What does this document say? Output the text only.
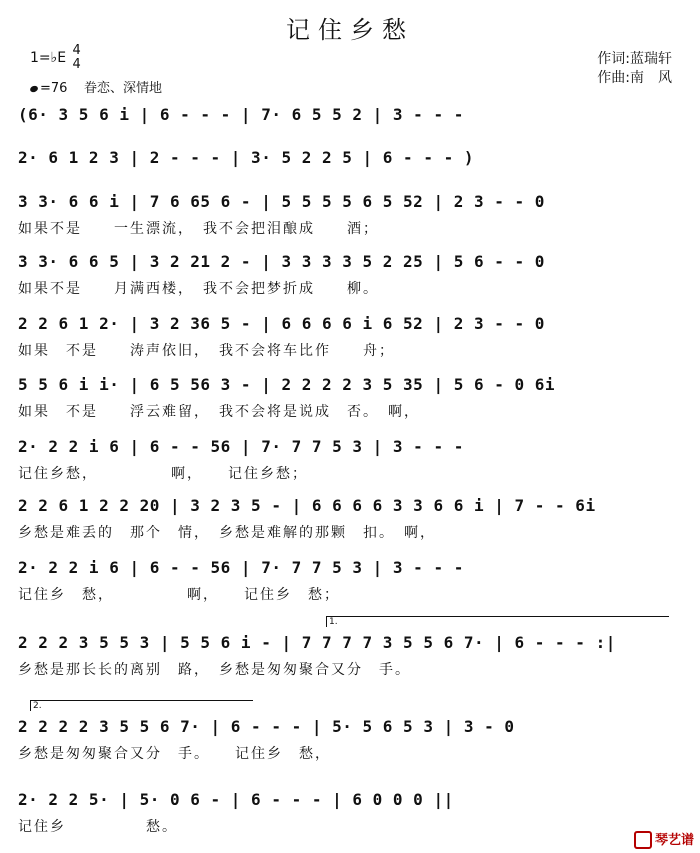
记住乡愁
1=♭E 4
4
=76 眷恋、深情地
作词:蓝瑞轩
作曲:南　风
(6· 3 5 6 i | 6 - - - | 7· 6 5 5 2 | 3 - - -
2· 6 1 2 3 | 2 - - - | 3· 5 2 2 5 | 6 - - - )
3 3· 6 6 i | 7 6 65 6 - | 5 5 5 5 6 5 52 | 2 3 - - 0
如果不是　　一生漂流，　我不会把泪酿成　　酒；
3 3· 6 6 5 | 3 2 21 2 - | 3 3 3 3 5 2 25 | 5 6 - - 0
如果不是　　月满西楼，　我不会把梦折成　　柳。
2 2 6 1 2· | 3 2 36 5 - | 6 6 6 6 i 6 52 | 2 3 - - 0
如果　不是　　涛声依旧，　我不会将车比作　　舟；
5 5 6 i i· | 6 5 56 3 - | 2 2 2 2 3 5 35 | 5 6 - 0 6i
如果　不是　　浮云难留，　我不会将是说成　否。　啊，
2· 2 2 i 6 | 6 - - 56 | 7· 7 7 5 3 | 3 - - -
记住乡愁，　　　　　啊，　　记住乡愁；
2 2 6 1 2 2 20 | 3 2 3 5 - | 6 6 6 6 3 3 6 6 i | 7 - - 6i
乡愁是难丢的　那个　情，　乡愁是难解的那颗　扣。　啊，
2· 2 2 i 6 | 6 - - 56 | 7· 7 7 5 3 | 3 - - -
记住乡　愁，　　　　　啊，　　记住乡　愁；
2 2 2 3 5 5 3 | 5 5 6 i - | 7 7 7 7 3 5 5 6 7· | 6 - - - :|
乡愁是那长长的离别　路，　乡愁是匆匆聚合又分　手。
2 2 2 2 3 5 5 6 7· | 6 - - - | 5· 5 6 5 3 | 3 - 0
乡愁是匆匆聚合又分　手。　　记住乡　愁，
2· 2 2 5· | 5· 0 6 - | 6 - - - | 6 0 0 0 ||
记住乡　　　　　愁。
琴艺谱
1.
2.
